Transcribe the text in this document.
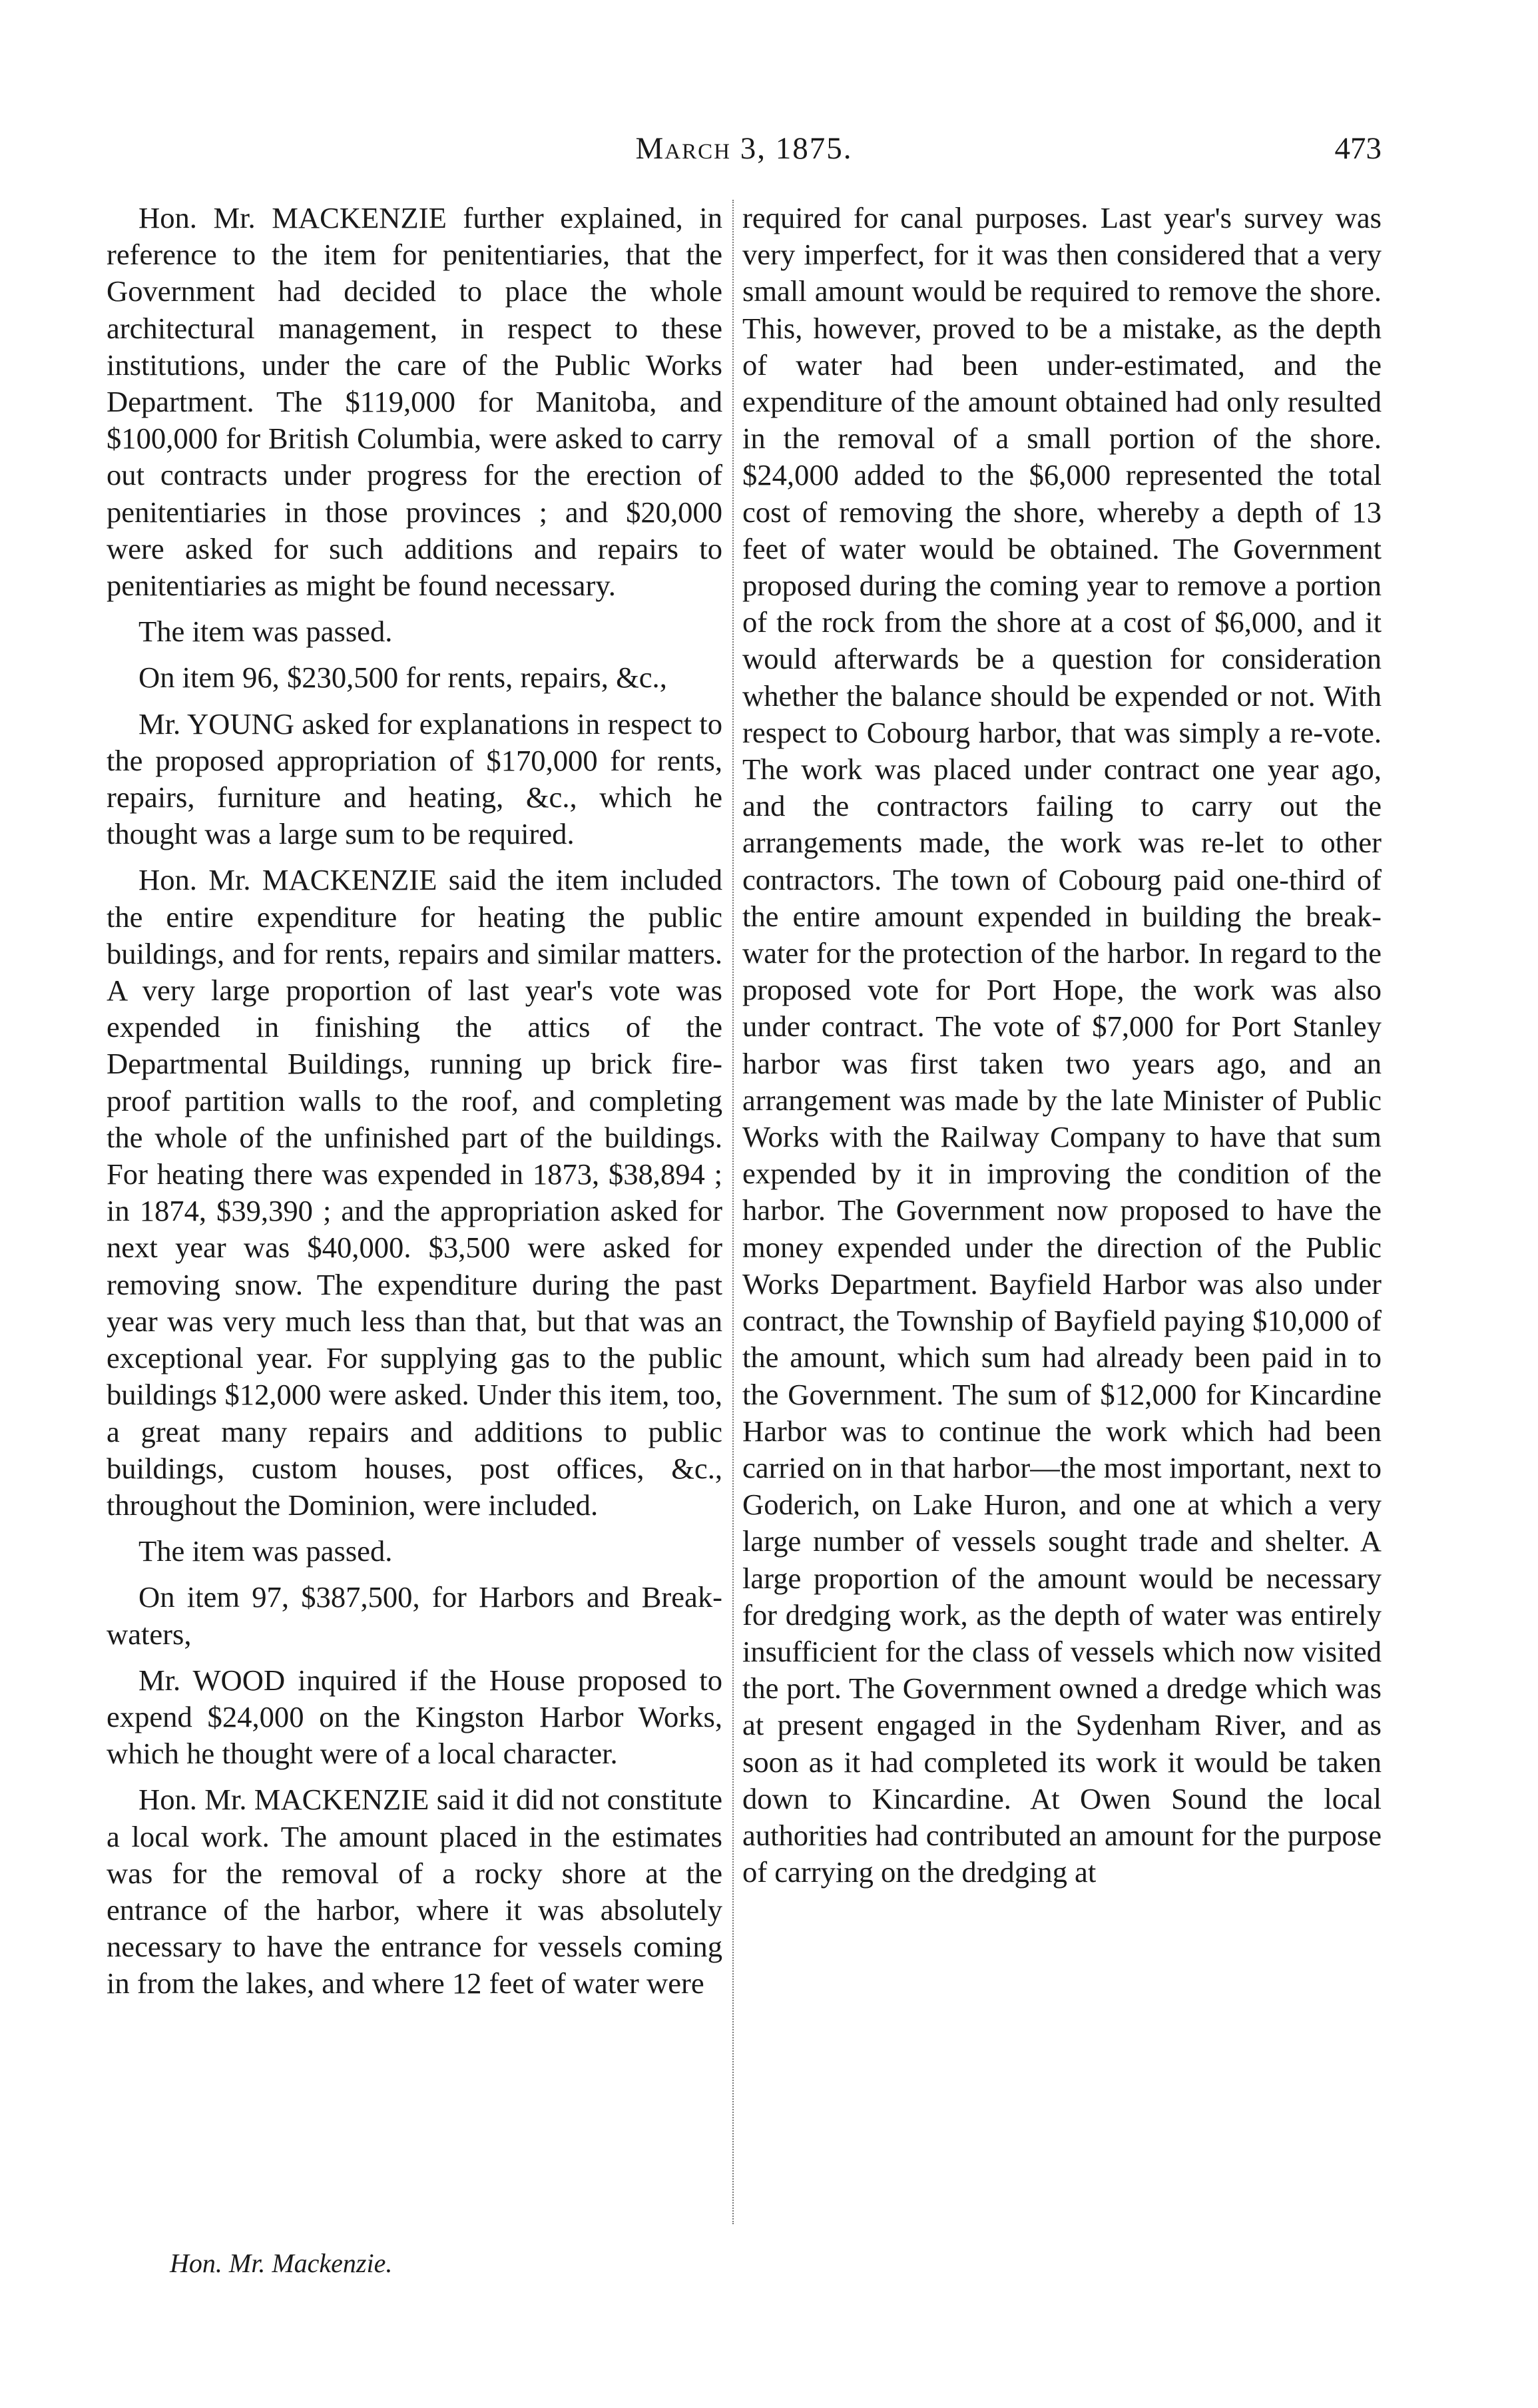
March 3, 1875.	473

Hon. Mr. MACKENZIE further explained, in reference to the item for penitentiaries, that the Government had decided to place the whole architectural management, in respect to these institutions, under the care of the Public Works Department. The $119,000 for Manitoba, and $100,000 for British Columbia, were asked to carry out contracts under progress for the erection of penitentiaries in those provinces ; and $20,000 were asked for such additions and repairs to penitentiaries as might be found necessary.

The item was passed.

On item 96, $230,500 for rents, repairs, &c.,

Mr. YOUNG asked for explanations in respect to the proposed appropriation of $170,000 for rents, repairs, furniture and heating, &c., which he thought was a large sum to be required.

Hon. Mr. MACKENZIE said the item included the entire expenditure for heating the public buildings, and for rents, repairs and similar matters. A very large proportion of last year's vote was expended in finishing the attics of the Departmental Buildings, running up brick fire-proof partition walls to the roof, and completing the whole of the unfinished part of the buildings. For heating there was expended in 1873, $38,894 ; in 1874, $39,390 ; and the appropriation asked for next year was $40,000. $3,500 were asked for removing snow. The expenditure during the past year was very much less than that, but that was an exceptional year. For supplying gas to the public buildings $12,000 were asked. Under this item, too, a great many repairs and additions to public buildings, custom houses, post offices, &c., throughout the Dominion, were included.

The item was passed.

On item 97, $387,500, for Harbors and Break-waters,

Mr. WOOD inquired if the House proposed to expend $24,000 on the Kingston Harbor Works, which he thought were of a local character.

Hon. Mr. MACKENZIE said it did not constitute a local work. The amount placed in the estimates was for the removal of a rocky shore at the entrance of the harbor, where it was absolutely necessary to have the entrance for vessels coming in from the lakes, and where 12 feet of water were

required for canal purposes. Last year's survey was very imperfect, for it was then considered that a very small amount would be required to remove the shore. This, however, proved to be a mistake, as the depth of water had been under-estimated, and the expenditure of the amount obtained had only resulted in the removal of a small portion of the shore. $24,000 added to the $6,000 represented the total cost of removing the shore, whereby a depth of 13 feet of water would be obtained. The Government proposed during the coming year to remove a portion of the rock from the shore at a cost of $6,000, and it would afterwards be a question for consideration whether the balance should be expended or not. With respect to Cobourg harbor, that was simply a re-vote. The work was placed under contract one year ago, and the contractors failing to carry out the arrangements made, the work was re-let to other contractors. The town of Cobourg paid one-third of the entire amount expended in building the break-water for the protection of the harbor. In regard to the proposed vote for Port Hope, the work was also under contract. The vote of $7,000 for Port Stanley harbor was first taken two years ago, and an arrangement was made by the late Minister of Public Works with the Railway Company to have that sum expended by it in improving the condition of the harbor. The Government now proposed to have the money expended under the direction of the Public Works Department. Bayfield Harbor was also under contract, the Township of Bayfield paying $10,000 of the amount, which sum had already been paid in to the Government. The sum of $12,000 for Kincardine Harbor was to continue the work which had been carried on in that harbor—the most important, next to Goderich, on Lake Huron, and one at which a very large number of vessels sought trade and shelter. A large proportion of the amount would be necessary for dredging work, as the depth of water was entirely insufficient for the class of vessels which now visited the port. The Government owned a dredge which was at present engaged in the Sydenham River, and as soon as it had completed its work it would be taken down to Kincardine. At Owen Sound the local authorities had contributed an amount for the purpose of carrying on the dredging at

Hon. Mr. Mackenzie.
